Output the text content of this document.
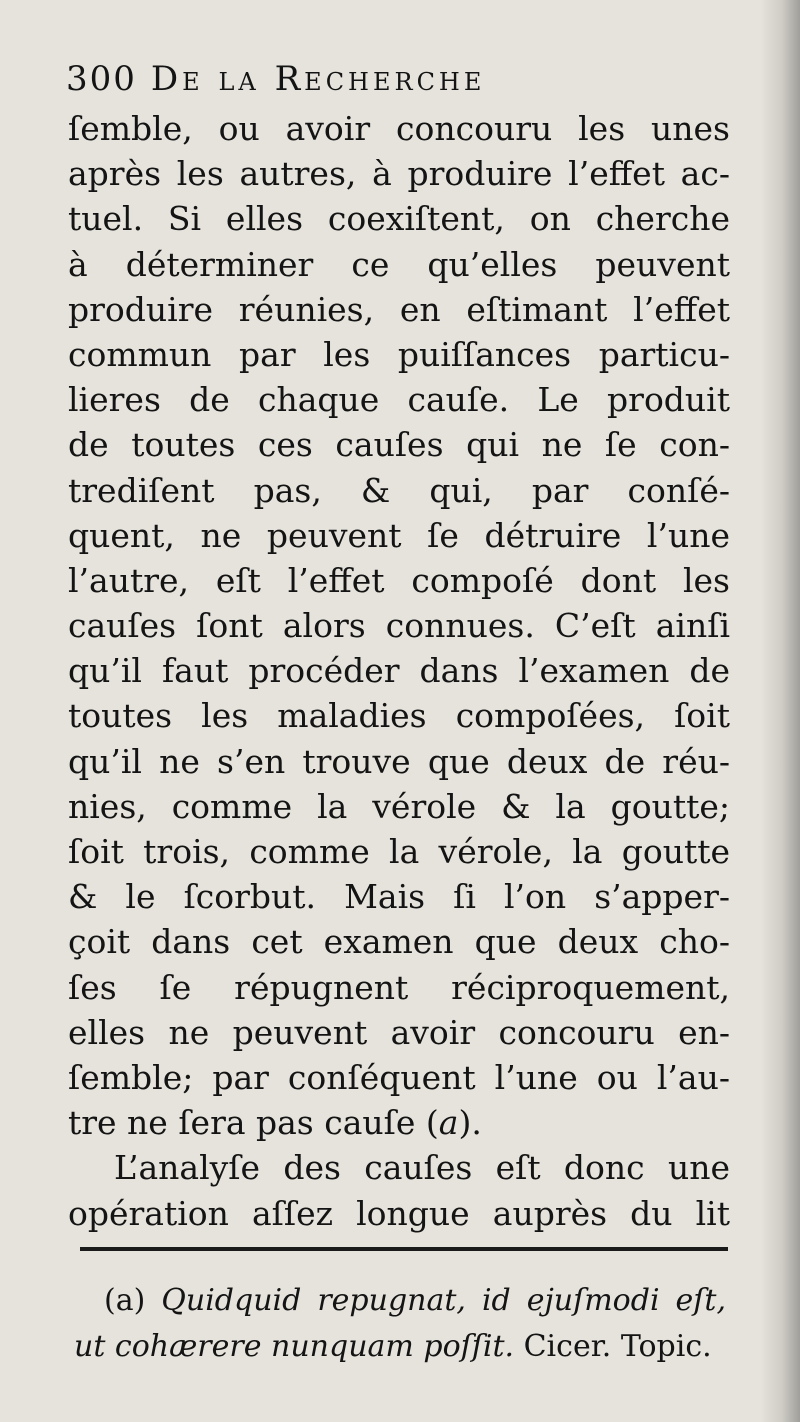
300 De la Recherche
ſemble, ou avoir concouru les unes
après les autres, à produire l’effet ac-
tuel. Si elles coexiſtent, on cherche
à déterminer ce qu’elles peuvent
produire réunies, en eſtimant l’effet
commun par les puiſſances particu-
lieres de chaque cauſe. Le produit
de toutes ces cauſes qui ne ſe con-
trediſent pas, & qui, par conſé-
quent, ne peuvent ſe détruire l’une
l’autre, eſt l’effet compoſé dont les
cauſes ſont alors connues. C’eſt ainſi
qu’il faut procéder dans l’examen de
toutes les maladies compoſées, ſoit
qu’il ne s’en trouve que deux de réu-
nies, comme la vérole & la goutte;
ſoit trois, comme la vérole, la goutte
& le ſcorbut. Mais ſi l’on s’apper-
çoit dans cet examen que deux cho-
ſes ſe répugnent réciproquement,
elles ne peuvent avoir concouru en-
ſemble; par conſéquent l’une ou l’au-
tre ne ſera pas cauſe (a).
L’analyſe des cauſes eſt donc une
opération aſſez longue auprès du lit
(a) Quidquid repugnat, id ejuſmodi eſt,
ut cohærere nunquam poſſit. Cicer. Topic.
